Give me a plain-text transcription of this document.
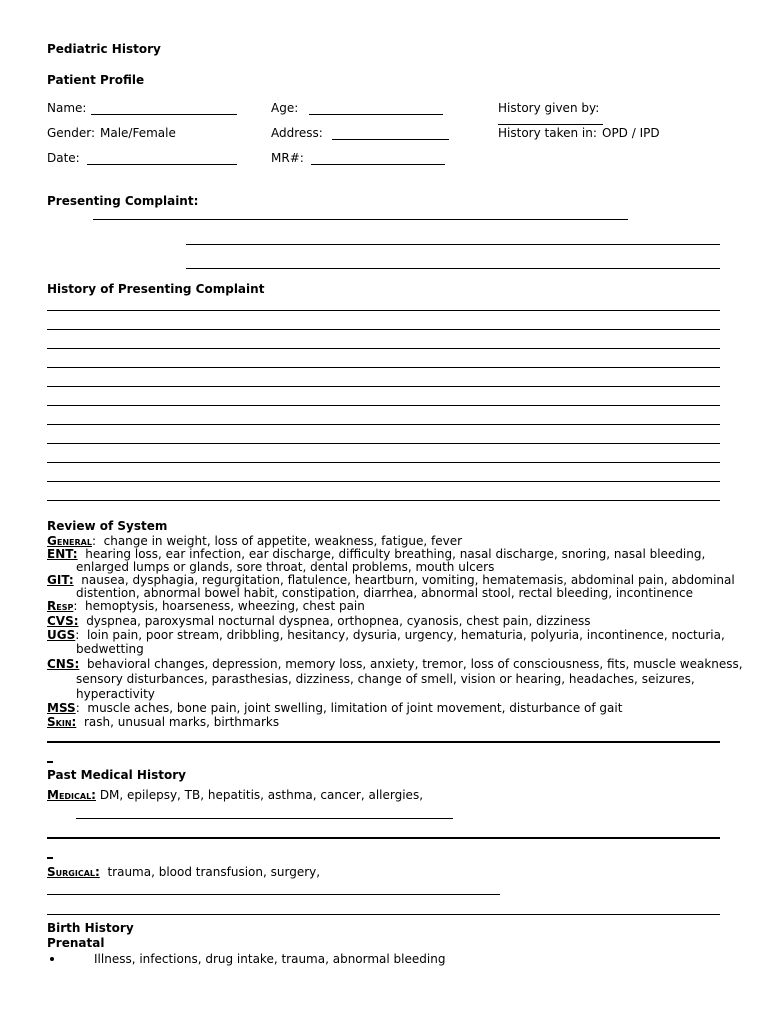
Pediatric History
Patient Profile
Name:	Age:	History given by:
Gender: Male/Female	Address:	History taken in: OPD / IPD
Date:	MR#:
Presenting Complaint:
History of Presenting Complaint
Review of System
General: change in weight, loss of appetite, weakness, fatigue, fever
ENT: hearing loss, ear infection, ear discharge, difficulty breathing, nasal discharge, snoring, nasal bleeding,
enlarged lumps or glands, sore throat, dental problems, mouth ulcers
GIT: nausea, dysphagia, regurgitation, flatulence, heartburn, vomiting, hematemasis, abdominal pain, abdominal
distention, abnormal bowel habit, constipation, diarrhea, abnormal stool, rectal bleeding, incontinence
Resp: hemoptysis, hoarseness, wheezing, chest pain
CVS: dyspnea, paroxysmal nocturnal dyspnea, orthopnea, cyanosis, chest pain, dizziness
UGS: loin pain, poor stream, dribbling, hesitancy, dysuria, urgency, hematuria, polyuria, incontinence, nocturia,
bedwetting
CNS: behavioral changes, depression, memory loss, anxiety, tremor, loss of consciousness, fits, muscle weakness,
sensory disturbances, parasthesias, dizziness, change of smell, vision or hearing, headaches, seizures,
hyperactivity
MSS: muscle aches, bone pain, joint swelling, limitation of joint movement, disturbance of gait
Skin: rash, unusual marks, birthmarks
Past Medical History
Medical: DM, epilepsy, TB, hepatitis, asthma, cancer, allergies,
Surgical: trauma, blood transfusion, surgery,
Birth History
Prenatal
Illness, infections, drug intake, trauma, abnormal bleeding
